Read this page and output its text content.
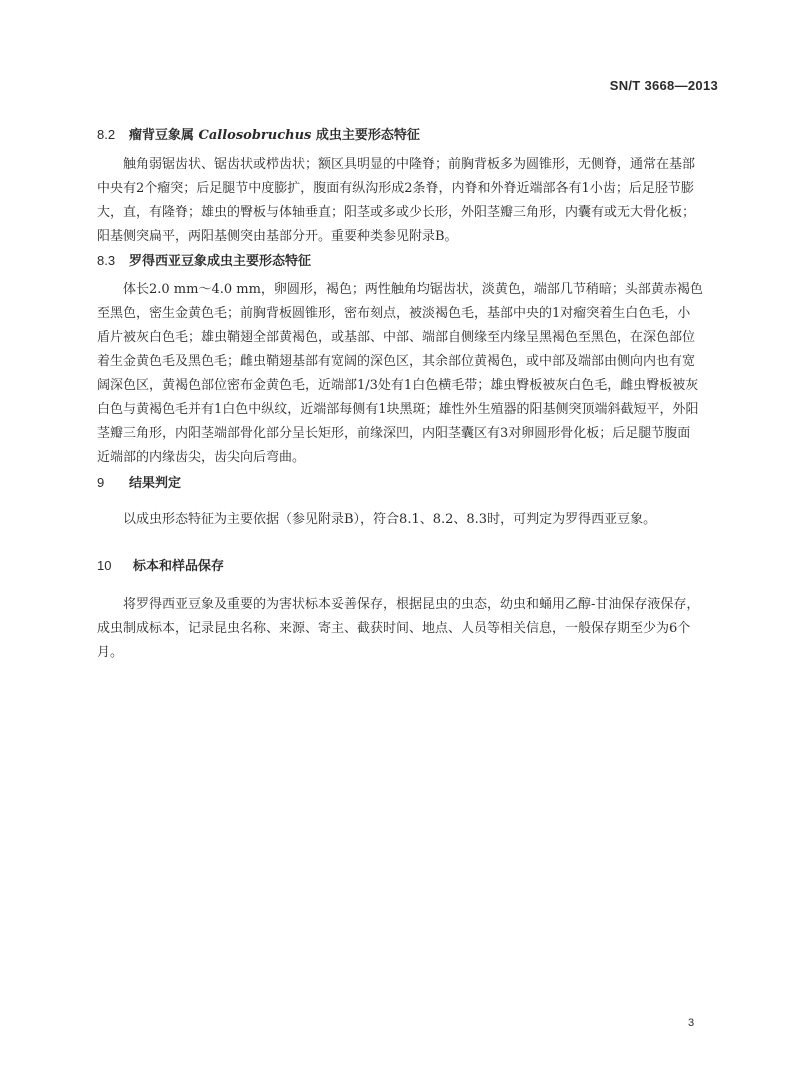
SN/T 3668—2013
8.2 瘤背豆象属 Callosobruchus 成虫主要形态特征
触角弱锯齿状、锯齿状或栉齿状；额区具明显的中隆脊；前胸背板多为圆锥形，无侧脊，通常在基部中央有2个瘤突；后足腿节中度膨扩，腹面有纵沟形成2条脊，内脊和外脊近端部各有1小齿；后足胫节膨大，直，有隆脊；雄虫的臀板与体轴垂直；阳茎或多或少长形，外阳茎瓣三角形，内囊有或无大骨化板；阳基侧突扁平，两阳基侧突由基部分开。重要种类参见附录B。
8.3 罗得西亚豆象成虫主要形态特征
体长2.0 mm～4.0 mm，卵圆形，褐色；两性触角均锯齿状，淡黄色，端部几节稍暗；头部黄赤褐色至黑色，密生金黄色毛；前胸背板圆锥形，密布刻点，被淡褐色毛，基部中央的1对瘤突着生白色毛，小盾片被灰白色毛；雄虫鞘翅全部黄褐色，或基部、中部、端部自侧缘至内缘呈黑褐色至黑色，在深色部位着生金黄色毛及黑色毛；雌虫鞘翅基部有宽阔的深色区，其余部位黄褐色，或中部及端部由侧向内也有宽阔深色区，黄褐色部位密布金黄色毛，近端部1/3处有1白色横毛带；雄虫臀板被灰白色毛，雌虫臀板被灰白色与黄褐色毛并有1白色中纵纹，近端部每侧有1块黑斑；雄性外生殖器的阳基侧突顶端斜截短平，外阳茎瓣三角形，内阳茎端部骨化部分呈长矩形，前缘深凹，内阳茎囊区有3对卵圆形骨化板；后足腿节腹面近端部的内缘齿尖，齿尖向后弯曲。
9 结果判定
以成虫形态特征为主要依据（参见附录B），符合8.1、8.2、8.3时，可判定为罗得西亚豆象。
10 标本和样品保存
将罗得西亚豆象及重要的为害状标本妥善保存，根据昆虫的虫态，幼虫和蛹用乙醇-甘油保存液保存，成虫制成标本，记录昆虫名称、来源、寄主、截获时间、地点、人员等相关信息，一般保存期至少为6个月。
3
